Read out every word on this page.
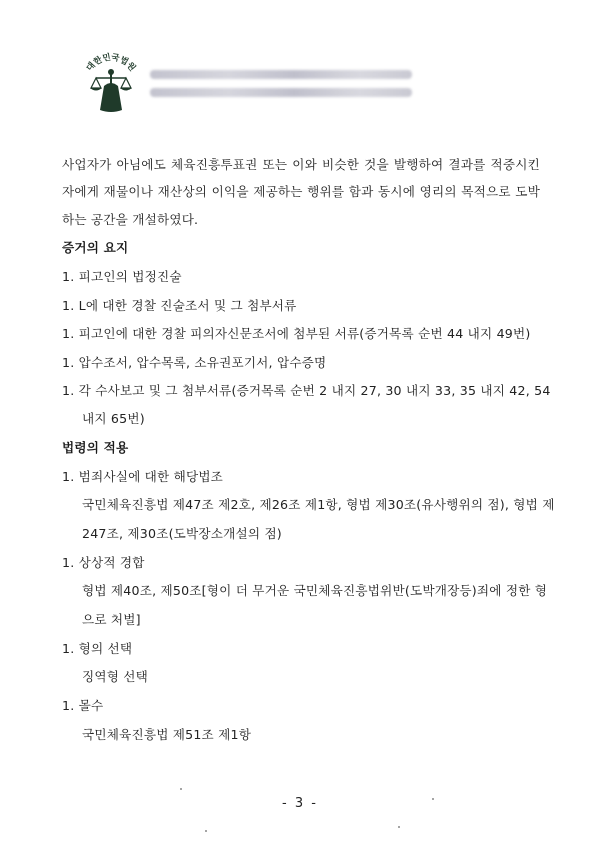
대한민국법원
사업자가 아님에도 체육진흥투표권 또는 이와 비슷한 것을 발행하여 결과를 적중시킨
자에게 재물이나 재산상의 이익을 제공하는 행위를 함과 동시에 영리의 목적으로 도박
하는 공간을 개설하였다.
증거의 요지
1. 피고인의 법정진술
1. L에 대한 경찰 진술조서 및 그 첨부서류
1. 피고인에 대한 경찰 피의자신문조서에 첨부된 서류(증거목록 순번 44 내지 49번)
1. 압수조서, 압수목록, 소유권포기서, 압수증명
1. 각 수사보고 및 그 첨부서류(증거목록 순번 2 내지 27, 30 내지 33, 35 내지 42, 54
내지 65번)
법령의 적용
1. 범죄사실에 대한 해당법조
국민체육진흥법 제47조 제2호, 제26조 제1항, 형법 제30조(유사행위의 점), 형법 제
247조, 제30조(도박장소개설의 점)
1. 상상적 경합
형법 제40조, 제50조[형이 더 무거운 국민체육진흥법위반(도박개장등)죄에 정한 형
으로 처벌]
1. 형의 선택
징역형 선택
1. 몰수
국민체육진흥법 제51조 제1항
- 3 -
